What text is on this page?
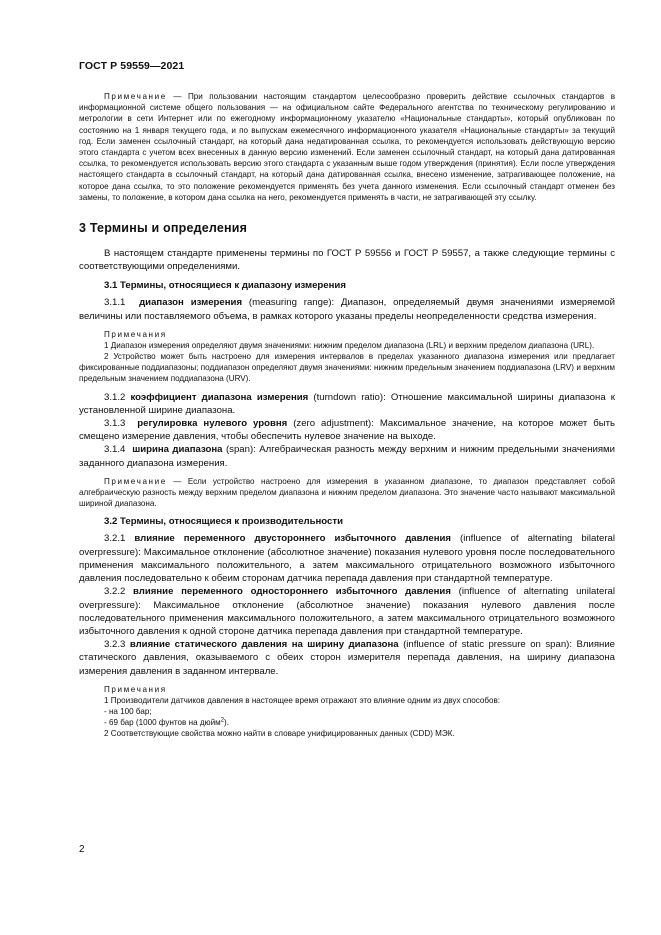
ГОСТ Р 59559—2021

Примечание — При пользовании настоящим стандартом целесообразно проверить действие ссылочных стандартов в информационной системе общего пользования — на официальном сайте Федерального агентства по техническому регулированию и метрологии в сети Интернет или по ежегодному информационному указателю «Национальные стандарты», который опубликован по состоянию на 1 января текущего года, и по выпускам ежемесячного информационного указателя «Национальные стандарты» за текущий год. Если заменен ссылочный стандарт, на который дана недатированная ссылка, то рекомендуется использовать действующую версию этого стандарта с учетом всех внесенных в данную версию изменений. Если заменен ссылочный стандарт, на который дана датированная ссылка, то рекомендуется использовать версию этого стандарта с указанным выше годом утверждения (принятия). Если после утверждения настоящего стандарта в ссылочный стандарт, на который дана датированная ссылка, внесено изменение, затрагивающее положение, на которое дана ссылка, то это положение рекомендуется применять без учета данного изменения. Если ссылочный стандарт отменен без замены, то положение, в котором дана ссылка на него, рекомендуется применять в части, не затрагивающей эту ссылку.

3 Термины и определения

В настоящем стандарте применены термины по ГОСТ Р 59556 и ГОСТ Р 59557, а также следующие термины с соответствующими определениями.

3.1 Термины, относящиеся к диапазону измерения

3.1.1 диапазон измерения (measuring range): Диапазон, определяемый двумя значениями измеряемой величины или поставляемого объема, в рамках которого указаны пределы неопределенности средства измерения.

Примечания

1 Диапазон измерения определяют двумя значениями: нижним пределом диапазона (LRL) и верхним пределом диапазона (URL).

2 Устройство может быть настроено для измерения интервалов в пределах указанного диапазона измерения или предлагает фиксированные поддиапазоны; поддиапазон определяют двумя значениями: нижним предельным значением поддиапазона (LRV) и верхним предельным значением поддиапазона (URV).

3.1.2 коэффициент диапазона измерения (turndown ratio): Отношение максимальной ширины диапазона к установленной ширине диапазона.

3.1.3 регулировка нулевого уровня (zero adjustment): Максимальное значение, на которое может быть смещено измерение давления, чтобы обеспечить нулевое значение на выходе.

3.1.4 ширина диапазона (span): Алгебраическая разность между верхним и нижним предельными значениями заданного диапазона измерения.

Примечание — Если устройство настроено для измерения в указанном диапазоне, то диапазон представляет собой алгебраическую разность между верхним пределом диапазона и нижним пределом диапазона. Это значение часто называют максимальной шириной диапазона.

3.2 Термины, относящиеся к производительности

3.2.1 влияние переменного двустороннего избыточного давления (influence of alternating bilateral overpressure): Максимальное отклонение (абсолютное значение) показания нулевого уровня после последовательного применения максимального положительного, а затем максимального отрицательного возможного избыточного давления последовательно к обеим сторонам датчика перепада давления при стандартной температуре.

3.2.2 влияние переменного одностороннего избыточного давления (influence of alternating unilateral overpressure): Максимальное отклонение (абсолютное значение) показания нулевого давления после последовательного применения максимального положительного, а затем максимального отрицательного возможного избыточного давления к одной стороне датчика перепада давления при стандартной температуре.

3.2.3 влияние статического давления на ширину диапазона (influence of static pressure on span): Влияние статического давления, оказываемого с обеих сторон измерителя перепада давления, на ширину диапазона измерения давления в заданном интервале.

Примечания

1 Производители датчиков давления в настоящее время отражают это влияние одним из двух способов:

- на 100 бар;

- 69 бар (1000 фунтов на дюйм$^2$).

2 Соответствующие свойства можно найти в словаре унифицированных данных (CDD) МЭК.

2
